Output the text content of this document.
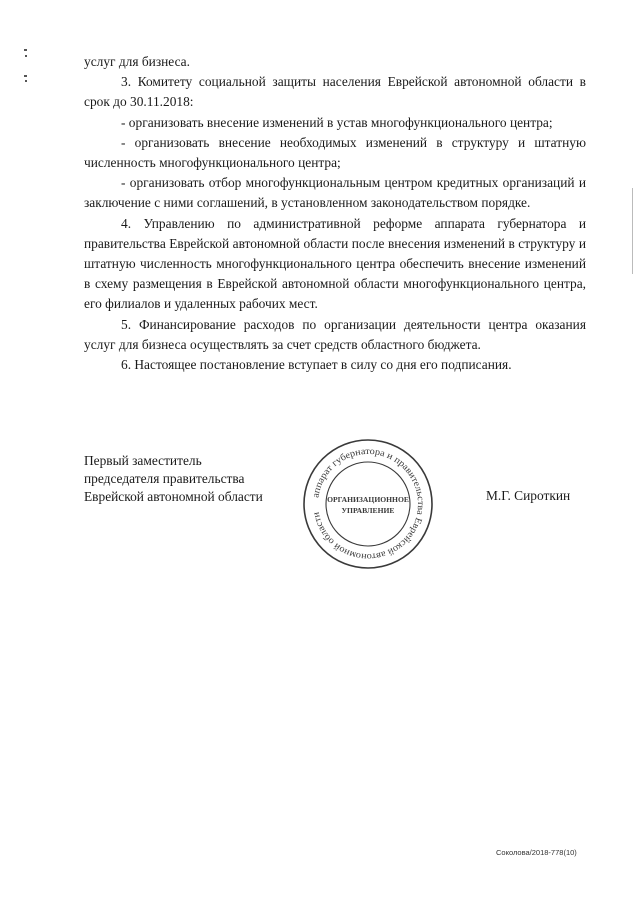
услуг для бизнеса.

3. Комитету социальной защиты населения Еврейской автономной области в срок до 30.11.2018:

- организовать внесение изменений в устав многофункционального центра;

- организовать внесение необходимых изменений в структуру и штатную численность многофункционального центра;

- организовать отбор многофункциональным центром кредитных организаций и заключение с ними соглашений, в установленном законодательством порядке.

4. Управлению по административной реформе аппарата губернатора и правительства Еврейской автономной области после внесения изменений в структуру и штатную численность многофункционального центра обеспечить внесение изменений в схему размещения в Еврейской автономной области многофункционального центра, его филиалов и удаленных рабочих мест.

5. Финансирование расходов по организации деятельности центра оказания услуг для бизнеса осуществлять за счет средств областного бюджета.

6. Настоящее постановление вступает в силу со дня его подписания.

Первый заместитель
председателя правительства
Еврейской автономной области	аппарат губернатора и правительства Еврейской автономной области
ОРГАНИЗАЦИОННОЕ
УПРАВЛЕНИЕ
М.Г. Сироткин
Соколова/2018-778(10)
